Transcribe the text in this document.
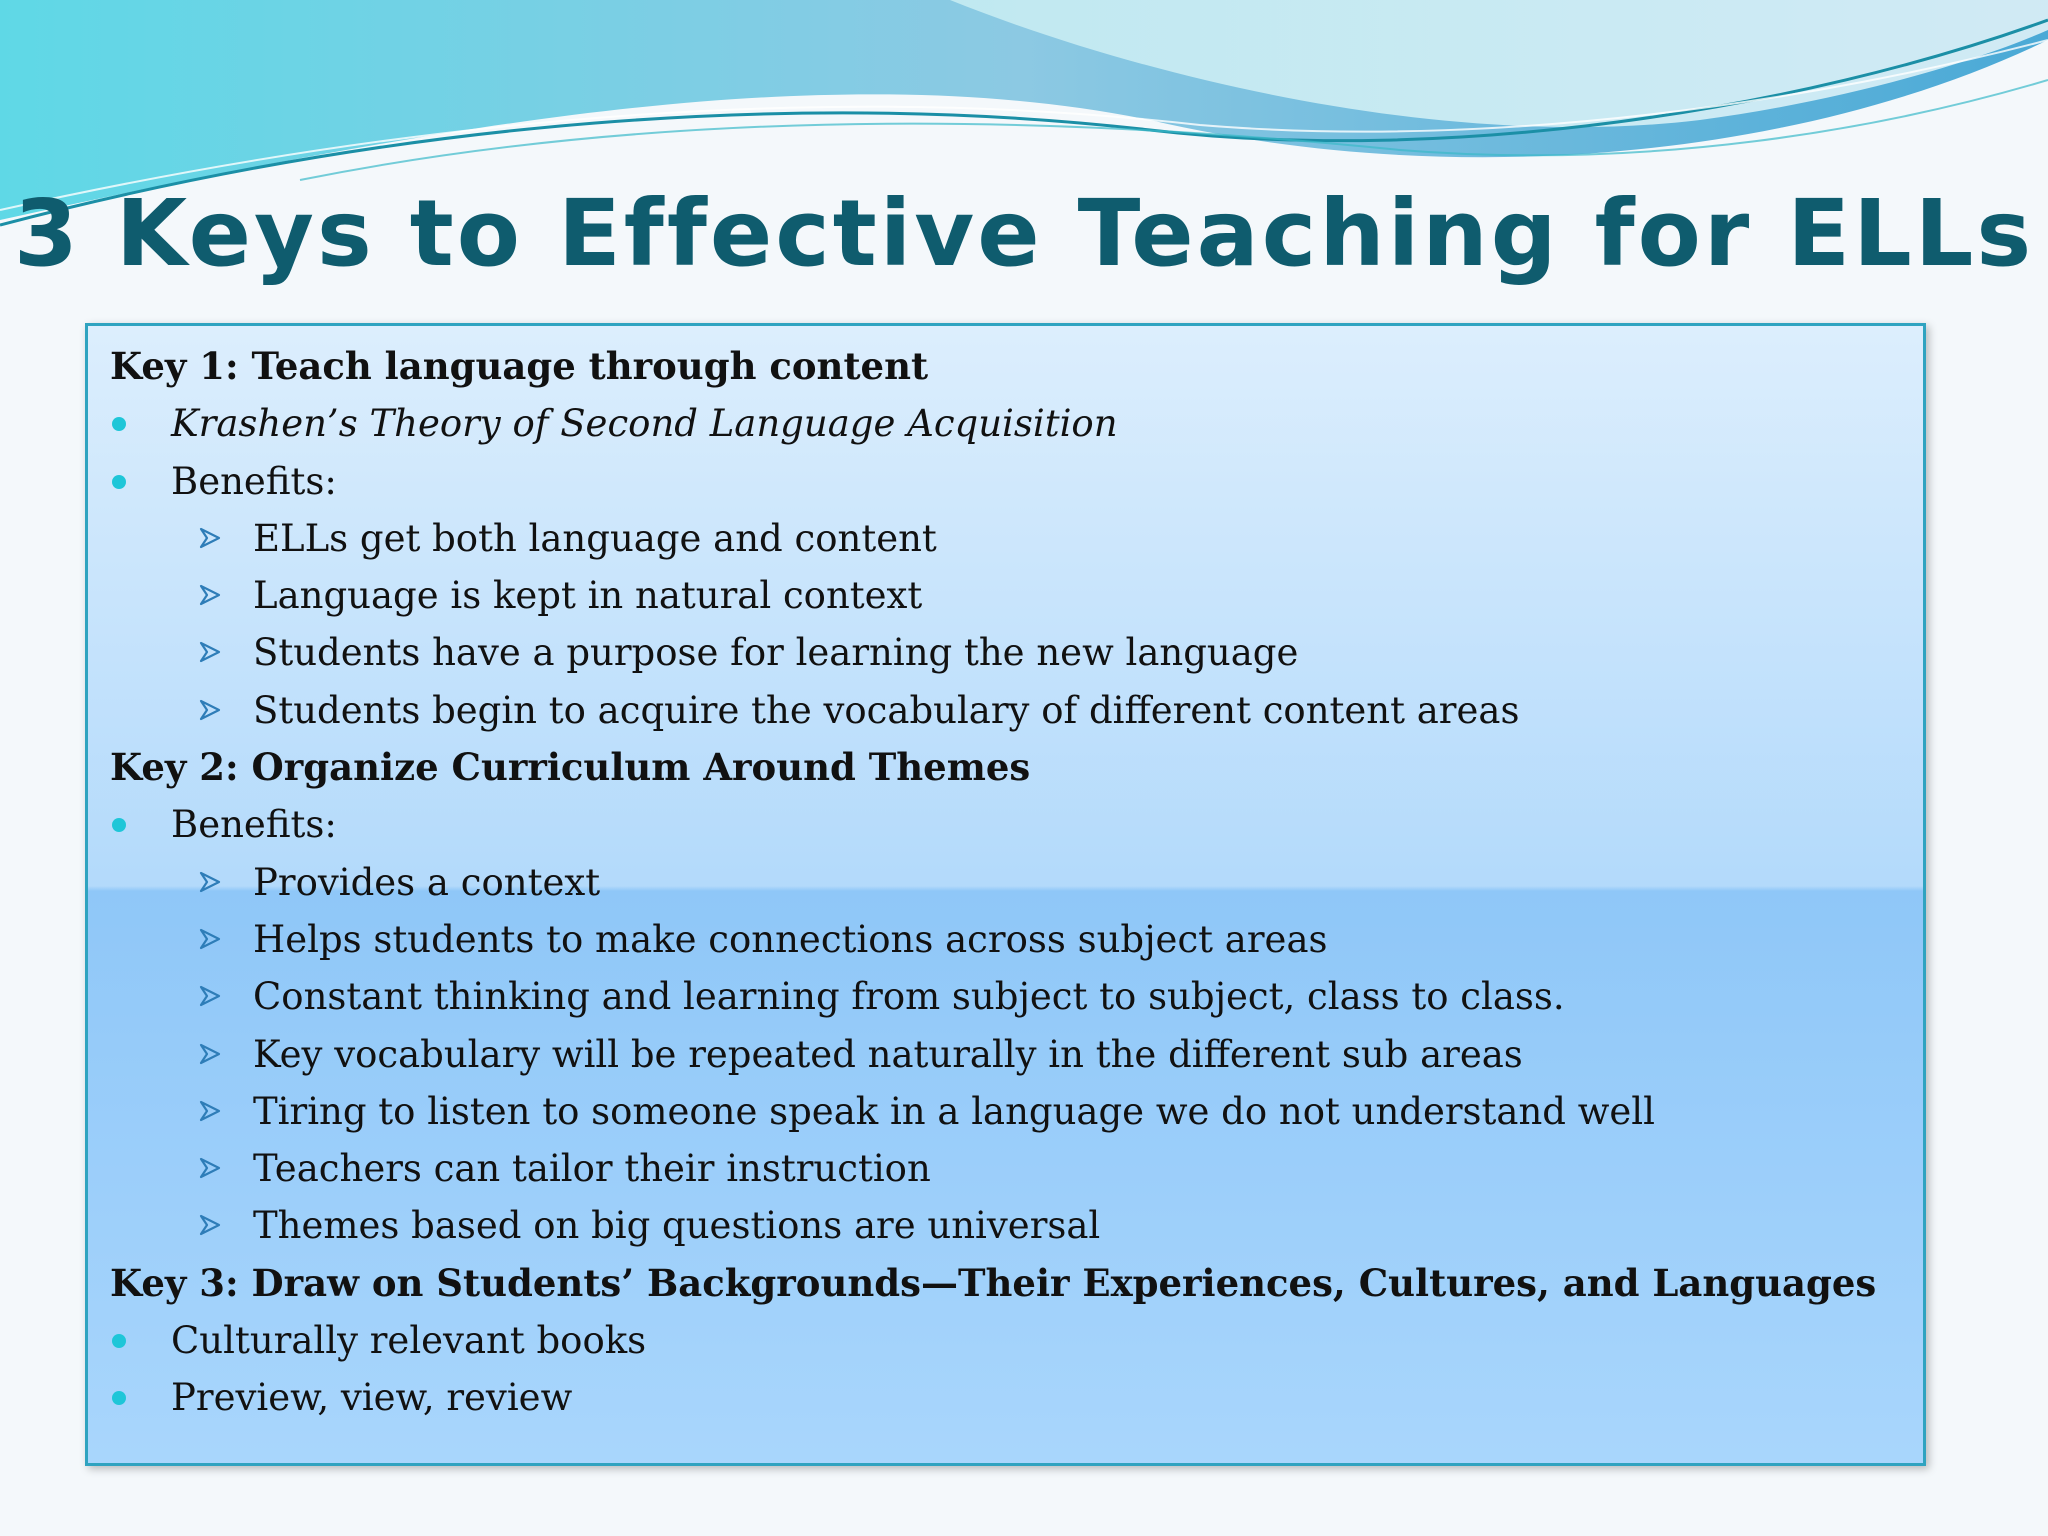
3 Keys to Effective Teaching for ELLs
Key 1: Teach language through content
Krashen’s Theory of Second Language Acquisition
Benefits:
ELLs get both language and content
Language is kept in natural context
Students have a purpose for learning the new language
Students begin to acquire the vocabulary of different content areas
Key 2: Organize Curriculum Around Themes
Benefits:
Provides a context
Helps students to make connections across subject areas
Constant thinking and learning from subject to subject, class to class.
Key vocabulary will be repeated naturally in the different sub areas
Tiring to listen to someone speak in a language we do not understand well
Teachers can tailor their instruction
Themes based on big questions are universal
Key 3: Draw on Students’ Backgrounds—Their Experiences, Cultures, and Languages
Culturally relevant books
Preview, view, review
